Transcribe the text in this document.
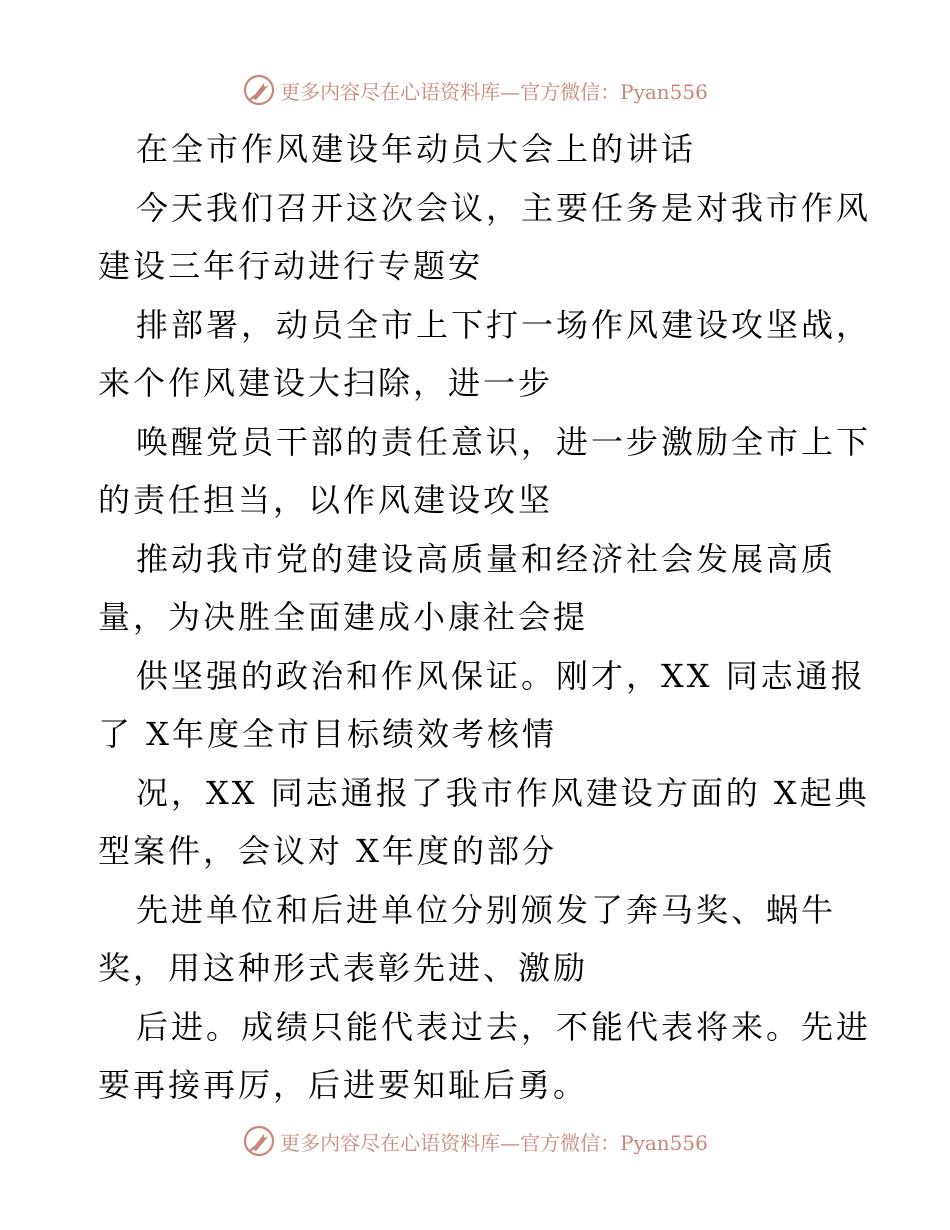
更多内容尽在心语资料库—官方微信：Pyan556
在全市作风建设年动员大会上的讲话
今天我们召开这次会议，主要任务是对我市作风
建设三年行动进行专题安
排部署，动员全市上下打一场作风建设攻坚战，
来个作风建设大扫除，进一步
唤醒党员干部的责任意识，进一步激励全市上下
的责任担当，以作风建设攻坚
推动我市党的建设高质量和经济社会发展高质
量，为决胜全面建成小康社会提
供坚强的政治和作风保证。刚才，XX 同志通报
了 X年度全市目标绩效考核情
况，XX 同志通报了我市作风建设方面的 X起典
型案件，会议对 X年度的部分
先进单位和后进单位分别颁发了奔马奖、蜗牛
奖，用这种形式表彰先进、激励
后进。成绩只能代表过去，不能代表将来。先进
要再接再厉，后进要知耻后勇。
更多内容尽在心语资料库—官方微信：Pyan556
